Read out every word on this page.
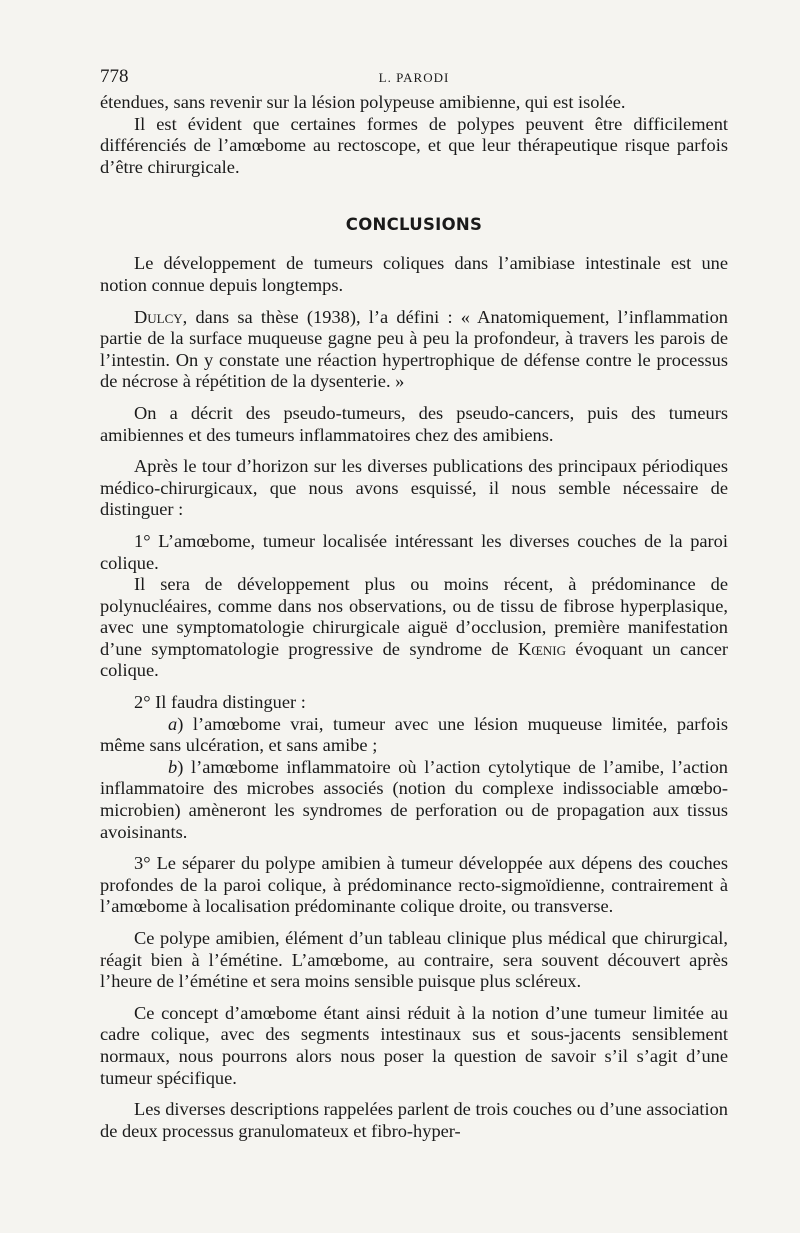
778	L. PARODI

étendues, sans revenir sur la lésion polypeuse amibienne, qui est isolée.

Il est évident que certaines formes de polypes peuvent être difficilement différenciés de l’amœbome au rectoscope, et que leur thérapeutique risque parfois d’être chirurgicale.

CONCLUSIONS

Le développement de tumeurs coliques dans l’amibiase intestinale est une notion connue depuis longtemps.

Dulcy, dans sa thèse (1938), l’a défini : « Anatomiquement, l’inflammation partie de la surface muqueuse gagne peu à peu la profondeur, à travers les parois de l’intestin. On y constate une réaction hypertrophique de défense contre le processus de nécrose à répétition de la dysenterie. »

On a décrit des pseudo-tumeurs, des pseudo-cancers, puis des tumeurs amibiennes et des tumeurs inflammatoires chez des amibiens.

Après le tour d’horizon sur les diverses publications des principaux périodiques médico-chirurgicaux, que nous avons esquissé, il nous semble nécessaire de distinguer :

1° L’amœbome, tumeur localisée intéressant les diverses couches de la paroi colique.

Il sera de développement plus ou moins récent, à prédominance de polynucléaires, comme dans nos observations, ou de tissu de fibrose hyperplasique, avec une symptomatologie chirurgicale aiguë d’occlusion, première manifestation d’une symptomatologie progressive de syndrome de Kœnig évoquant un cancer colique.

2° Il faudra distinguer :

a) l’amœbome vrai, tumeur avec une lésion muqueuse limitée, parfois même sans ulcération, et sans amibe ;

b) l’amœbome inflammatoire où l’action cytolytique de l’amibe, l’action inflammatoire des microbes associés (notion du complexe indissociable amœbo-microbien) amèneront les syndromes de perforation ou de propagation aux tissus avoisinants.

3° Le séparer du polype amibien à tumeur développée aux dépens des couches profondes de la paroi colique, à prédominance recto-sigmoïdienne, contrairement à l’amœbome à localisation prédominante colique droite, ou transverse.

Ce polype amibien, élément d’un tableau clinique plus médical que chirurgical, réagit bien à l’émétine. L’amœbome, au contraire, sera souvent découvert après l’heure de l’émétine et sera moins sensible puisque plus scléreux.

Ce concept d’amœbome étant ainsi réduit à la notion d’une tumeur limitée au cadre colique, avec des segments intestinaux sus et sous-jacents sensiblement normaux, nous pourrons alors nous poser la question de savoir s’il s’agit d’une tumeur spécifique.

Les diverses descriptions rappelées parlent de trois couches ou d’une association de deux processus granulomateux et fibro-hyper-
